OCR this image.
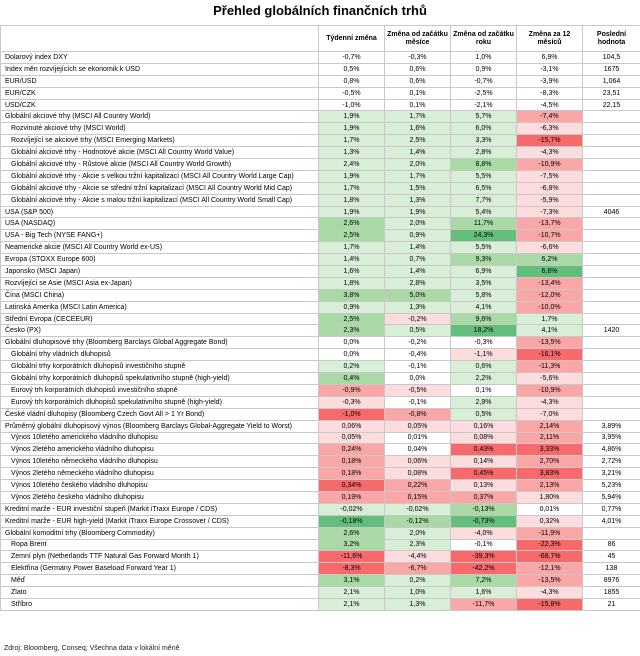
Přehled globálních finančních trhů
	Týdenní změna	Změna od začátku měsíce	Změna od začátku roku	Změna za 12 měsíců	Poslední hodnota
Dolarový index DXY	-0,7%	-0,3%	1,0%	6,9%	104,5
Index měn rozvíjejících se ekonomik k USD	0,5%	0,6%	0,9%	-3,1%	1675
EUR/USD	0,8%	0,6%	-0,7%	-3,9%	1,064
EUR/CZK	-0,5%	0,1%	-2,5%	-8,3%	23,51
USD/CZK	-1,0%	0,1%	-2,1%	-4,5%	22,15
Globální akciové trhy (MSCI All Country World)	1,9%	1,7%	5,7%	-7,4%	
Rozvinuté akciové trhy (MSCI World)	1,9%	1,6%	6,0%	-6,3%	
Rozvíjející se akciové trhy (MSCI Emerging Markets)	1,7%	2,5%	3,3%	-15,7%	
Globální akciové trhy - Hodnotové akcie (MSCI All Country World Value)	1,3%	1,4%	2,8%	-4,3%	
Globální akciové trhy - Růstové akcie (MSCI All Country World Growth)	2,4%	2,0%	8,8%	-10,9%	
Globální akciové trhy - Akcie s velkou tržní kapitalizací (MSCI All Country World Large Cap)	1,9%	1,7%	5,5%	-7,5%	
Globální akciové trhy - Akcie se střední tržní kapitalizací (MSCI All Country World Mid Cap)	1,7%	1,5%	6,5%	-6,8%	
Globální akciové trhy - Akcie s malou tržní kapitalizací (MSCI All Country World Small Cap)	1,8%	1,3%	7,7%	-5,9%	
USA (S&P 500)	1,9%	1,9%	5,4%	-7,3%	4046
USA (NASDAQ)	2,6%	2,0%	11,7%	-13,7%	
USA - Big Tech (NYSE FANG+)	2,5%	0,9%	24,3%	-10,7%	
Neamerické akcie (MSCI All Country World ex-US)	1,7%	1,4%	5,5%	-6,6%	
Evropa (STOXX Europe 600)	1,4%	0,7%	9,3%	6,2%	
Japonsko (MSCI Japan)	1,6%	1,4%	6,9%	6,6%	
Rozvíjející se Asie (MSCI Asia ex-Japan)	1,8%	2,8%	3,5%	-13,4%	
Čína (MSCI China)	3,8%	5,0%	5,8%	-12,0%	
Latinská Amerika (MSCI Latin America)	0,9%	1,3%	4,1%	-10,0%	
Střední Evropa (CECEEUR)	2,5%	-0,2%	9,6%	1,7%	
Česko (PX)	2,3%	0,5%	18,2%	4,1%	1420
Globální dluhopisové trhy (Bloomberg Barclays Global Aggregate Bond)	0,0%	-0,2%	-0,3%	-13,5%	
Globální trhy vládních dluhopisů	0,0%	-0,4%	-1,1%	-16,1%	
Globální trhy korporátních dluhopisů investičního stupně	0,2%	-0,1%	0,6%	-11,3%	
Globální trhy korporátních dluhopisů spekulativního stupně (high-yield)	0,4%	0,0%	2,2%	-5,6%	
Eurový trh korporátních dluhopisů investičního stupně	-0,9%	-0,5%	0,1%	-10,9%	
Eurový trh korporátních dluhopisů spekulativního stupně (high-yield)	-0,3%	-0,1%	2,9%	-4,3%	
České vládní dluhopisy (Bloomberg Czech Govt All > 1 Yr Bond)	-1,0%	-0,8%	0,5%	-7,0%	
Průměrný globální dluhopisový výnos (Bloomberg Barclays Global-Aggregate Yield to Worst)	0,06%	0,05%	0,16%	2,14%	3,89%
Výnos 10letého amerického vládního dluhopisu	0,05%	0,01%	0,08%	2,11%	3,95%
Výnos 2letého amerického vládního dluhopisu	0,24%	0,04%	0,43%	3,33%	4,86%
Výnos 10letého německého vládního dluhopisu	0,18%	0,06%	0,14%	2,70%	2,72%
Výnos 2letého německého vládního dluhopisu	0,18%	0,08%	0,45%	3,83%	3,21%
Výnos 10letého českého vládního dluhopisu	0,34%	0,22%	0,13%	2,13%	5,23%
Výnos 2letého českého vládního dluhopisu	0,19%	0,15%	0,37%	1,80%	5,94%
Kreditní marže - EUR investiční stupeň (Markit iTraxx Europe / CDS)	-0,02%	-0,02%	-0,13%	0,01%	0,77%
Kreditní marže - EUR high-yield (Markit iTraxx Europe Crossover / CDS)	-0,18%	-0,12%	-0,73%	0,32%	4,01%
Globální komoditní trhy (Bloomberg Commodity)	2,6%	2,0%	-4,0%	-11,9%	
Ropa Brent	3,2%	2,3%	-0,1%	-22,3%	86
Zemní plyn (Netherlands TTF Natural Gas Forward Month 1)	-11,6%	-4,4%	-39,3%	-68,7%	45
Elektřina (Germany Power Baseload Forward Year 1)	-8,3%	-6,7%	-42,2%	-12,1%	138
Měď	3,1%	0,2%	7,2%	-13,5%	8976
Zlato	2,1%	1,0%	1,6%	-4,3%	1855
Stříbro	2,1%	1,3%	-11,7%	-15,8%	21
Zdroj: Bloomberg, Conseq; Všechna data v lokální měně
